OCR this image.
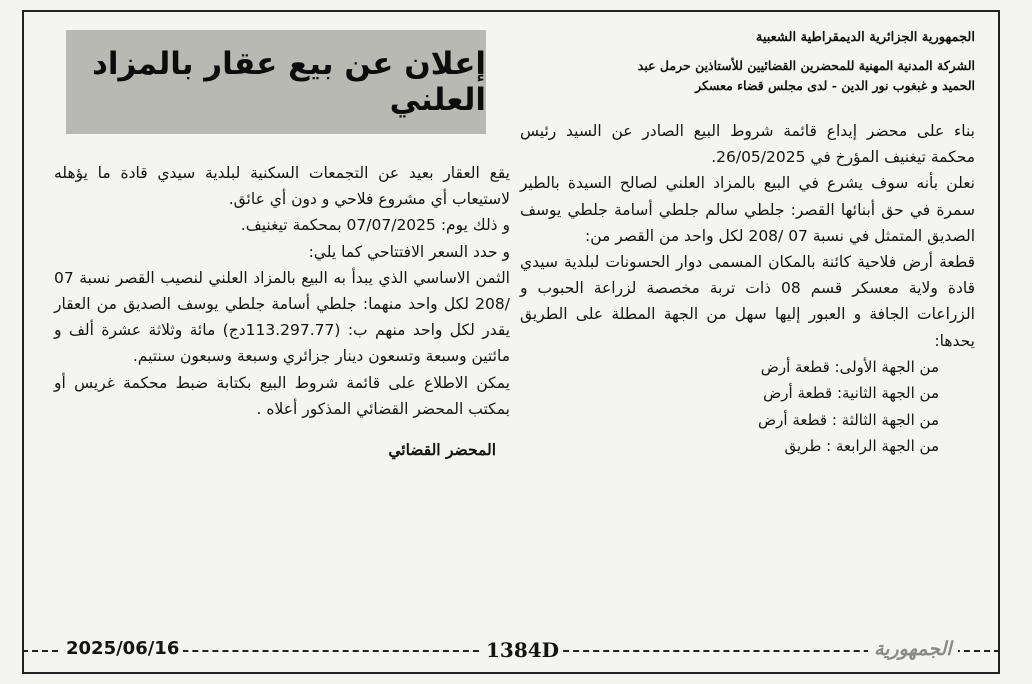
إعلان عن بيع عقار بالمزاد العلني

الجمهورية الجزائرية الديمقراطية الشعبية

الشركة المدنية المهنية للمحضرين القضائيين للأستاذين حرمل عبد

الحميد و غبغوب نور الدين - لدى مجلس قضاء معسكر

بناء على محضر إيداع قائمة شروط البيع الصادر عن السيد رئيس محكمة تيغنيف المؤرخ في 26/05/2025.

نعلن بأنه سوف يشرع في البيع بالمزاد العلني لصالح السيدة بالطير سمرة في حق أبنائها القصر: جلطي سالم جلطي أسامة جلطي يوسف الصديق المتمثل في نسبة 07 /208 لكل واحد من القصر من:

قطعة أرض فلاحية كائنة بالمكان المسمى دوار الحسونات لبلدية سيدي قادة ولاية معسكر قسم 08 ذات تربة مخصصة لزراعة الحبوب و الزراعات الجافة و العبور إليها سهل من الجهة المطلة على الطريق يحدها:

من الجهة الأولى: قطعة أرض
من الجهة الثانية: قطعة أرض
من الجهة الثالثة : قطعة أرض
من الجهة الرابعة : طريق

يقع العقار بعيد عن التجمعات السكنية لبلدية سيدي قادة ما يؤهله لاستيعاب أي مشروع فلاحي و دون أي عائق.

و ذلك يوم: 07/07/2025 بمحكمة تيغنيف.

و حدد السعر الافتتاحي كما يلي:

الثمن الاساسي الذي يبدأ به البيع بالمزاد العلني لنصيب القصر نسبة 07 /208 لكل واحد منهما: جلطي أسامة جلطي يوسف الصديق من العقار يقدر لكل واحد منهم ب: (113.297.77دج) مائة وثلاثة عشرة ألف و مائتين وسبعة وتسعون دينار جزائري وسبعة وسبعون سنتيم.

يمكن الاطلاع على قائمة شروط البيع بكتابة ضبط محكمة غريس أو بمكتب المحضر القضائي المذكور أعلاه .

المحضر القضائي
2025/06/16	1384D	الجمهورية
